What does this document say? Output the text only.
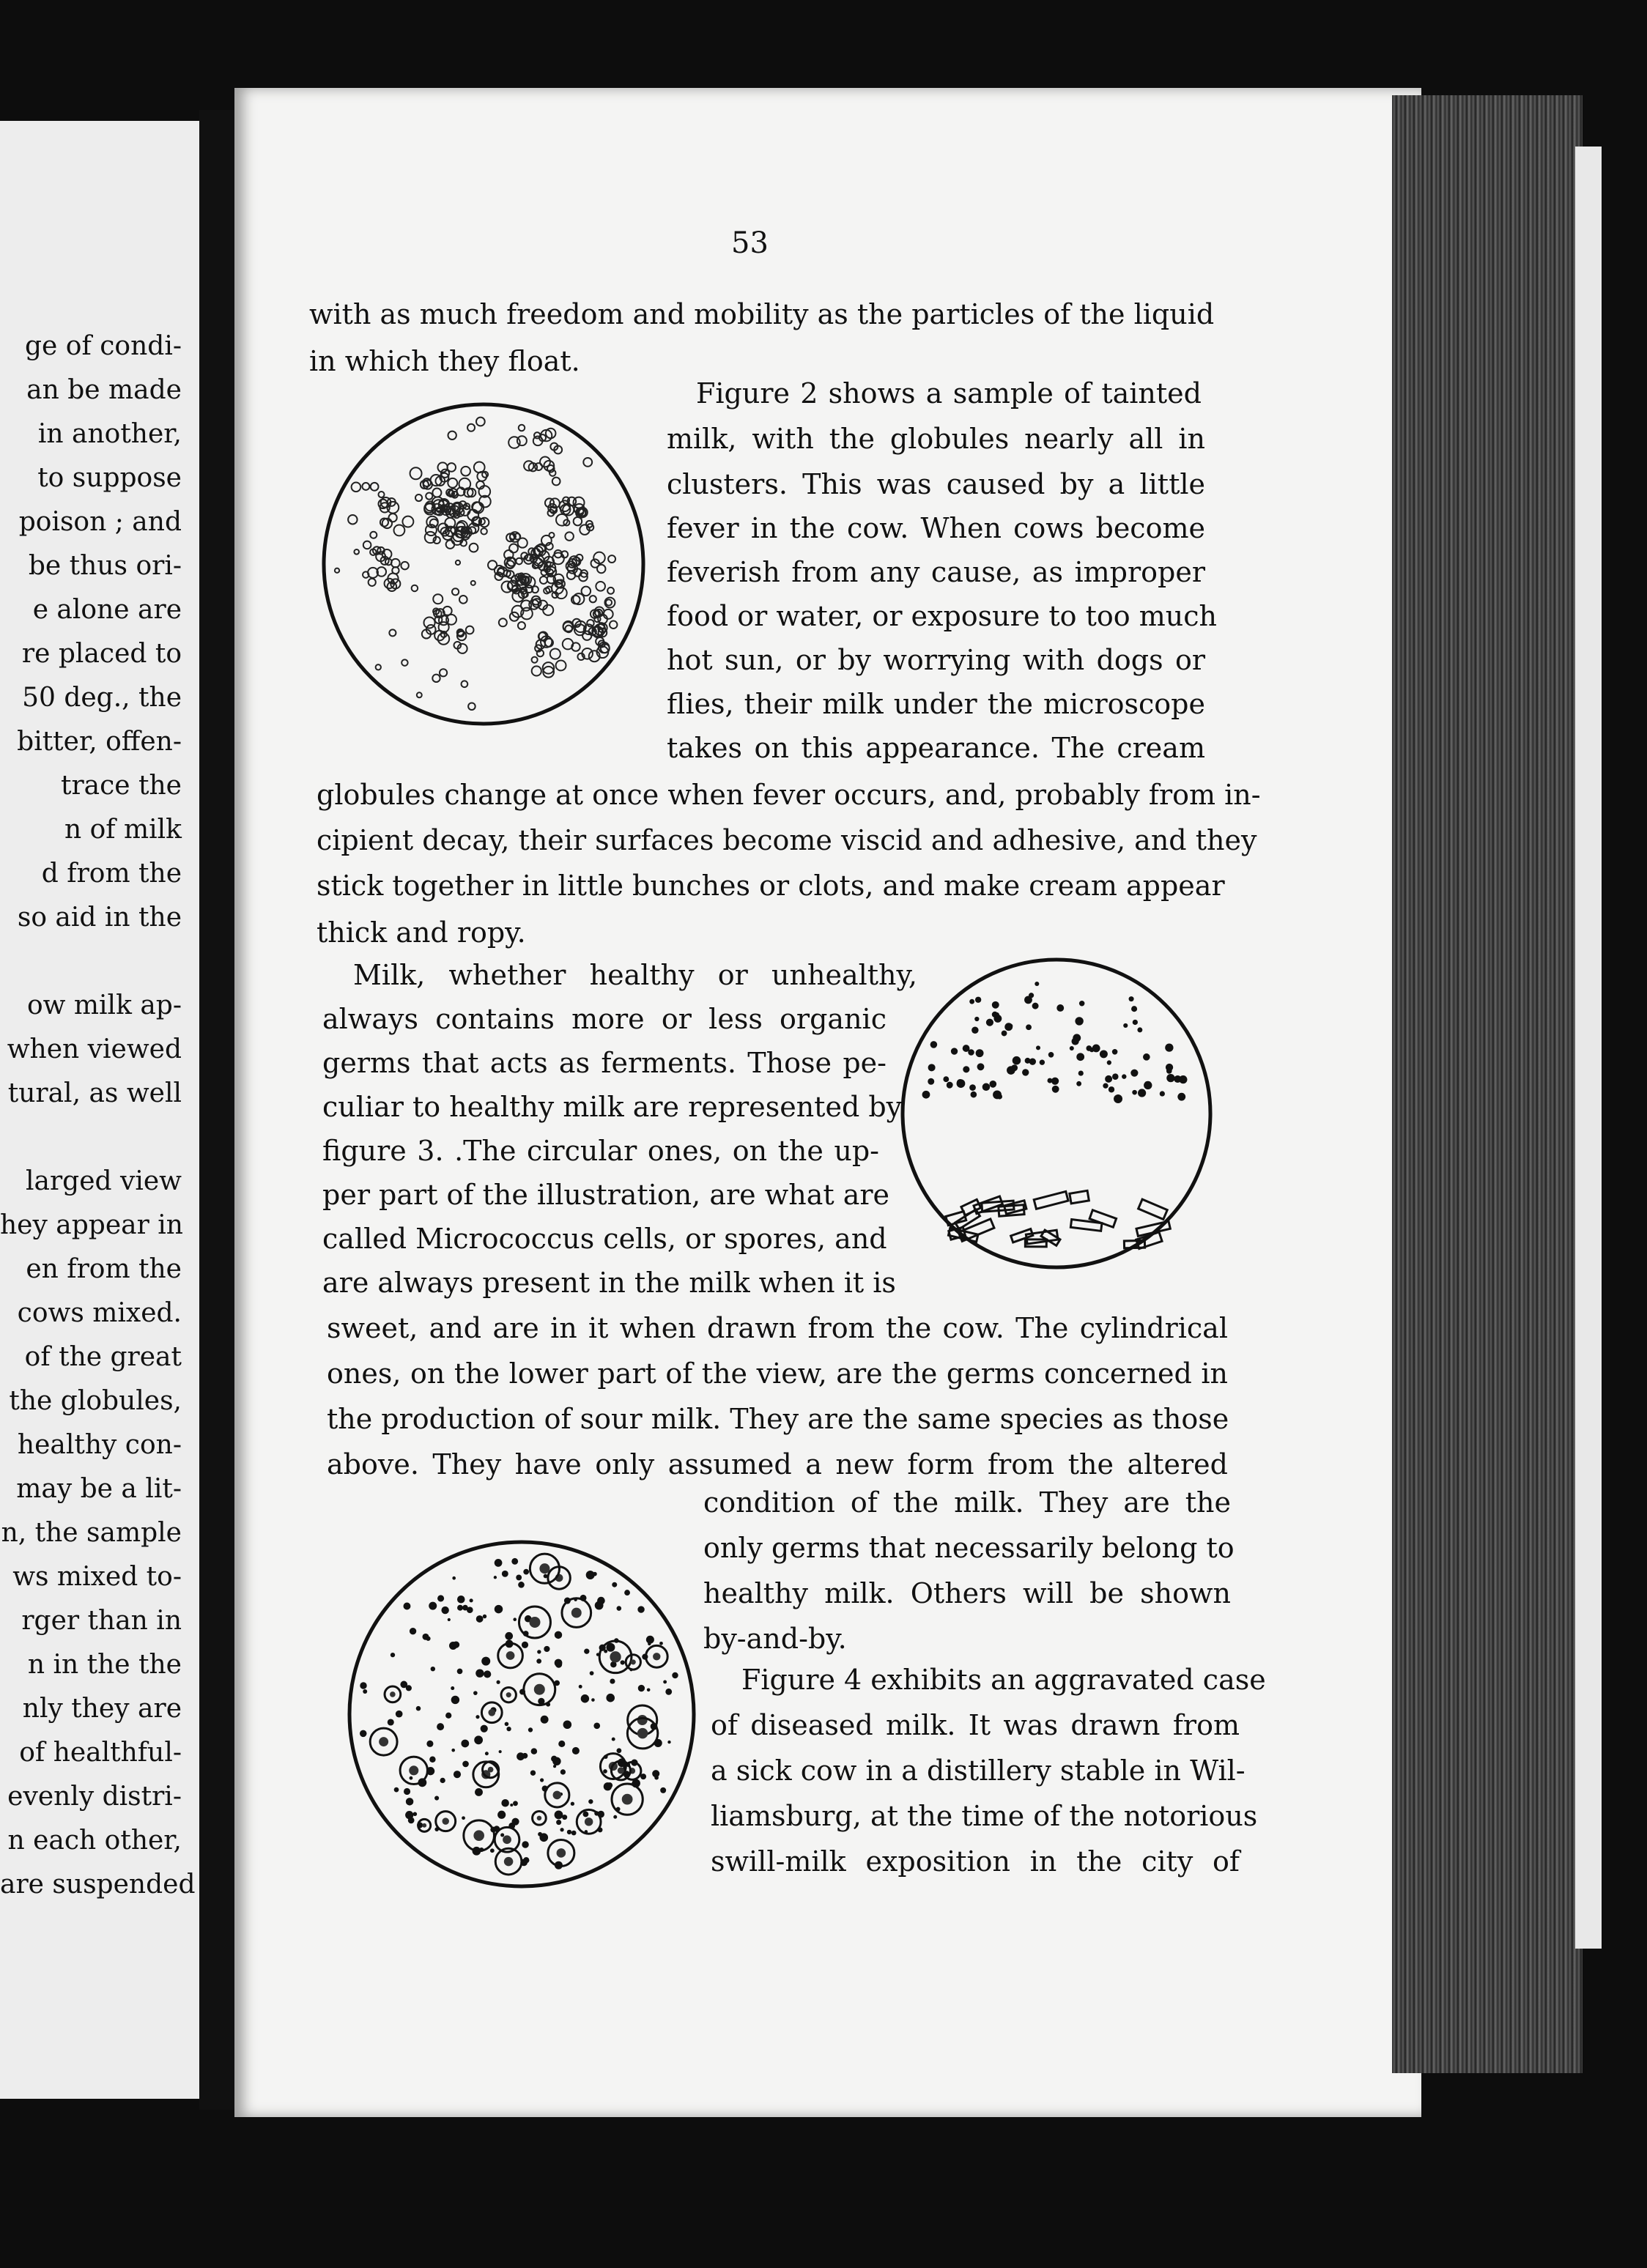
ge of condi-
an be made
in another,
to suppose
poison ; and
be thus ori-
e alone are
re placed to
50 deg., the
bitter, offen-
trace the
n of milk
d from the
so aid in the
ow milk ap-
when viewed
tural, as well
larged view
hey appear in
en from the
cows mixed.
of the great
the globules,
healthy con-
may be a lit-
n, the sample
ws mixed to-
rger than in
n in the the
nly they are
of healthful-
evenly distri-
n each other,
are suspended
53
with as much freedom and mobility as the particles of the liquid
in which they float.
Figure 2 shows a sample of tainted
milk, with the globules nearly all in
clusters. This was caused by a little
fever in the cow. When cows become
feverish from any cause, as improper
food or water, or exposure to too much
hot sun, or by worrying with dogs or
flies, their milk under the microscope
takes on this appearance. The cream
globules change at once when fever occurs, and, probably from in-
cipient decay, their surfaces become viscid and adhesive, and they
stick together in little bunches or clots, and make cream appear
thick and ropy.
Milk, whether healthy or unhealthy,
always contains more or less organic
germs that acts as ferments. Those pe-
culiar to healthy milk are represented by
figure 3. .The circular ones, on the up-
per part of the illustration, are what are
called Micrococcus cells, or spores, and
are always present in the milk when it is
sweet, and are in it when drawn from the cow. The cylindrical
ones, on the lower part of the view, are the germs concerned in
the production of sour milk. They are the same species as those
above. They have only assumed a new form from the altered
condition of the milk. They are the
only germs that necessarily belong to
healthy milk. Others will be shown
by-and-by.
Figure 4 exhibits an aggravated case
of diseased milk. It was drawn from
a sick cow in a distillery stable in Wil-
liamsburg, at the time of the notorious
swill-milk exposition in the city of
